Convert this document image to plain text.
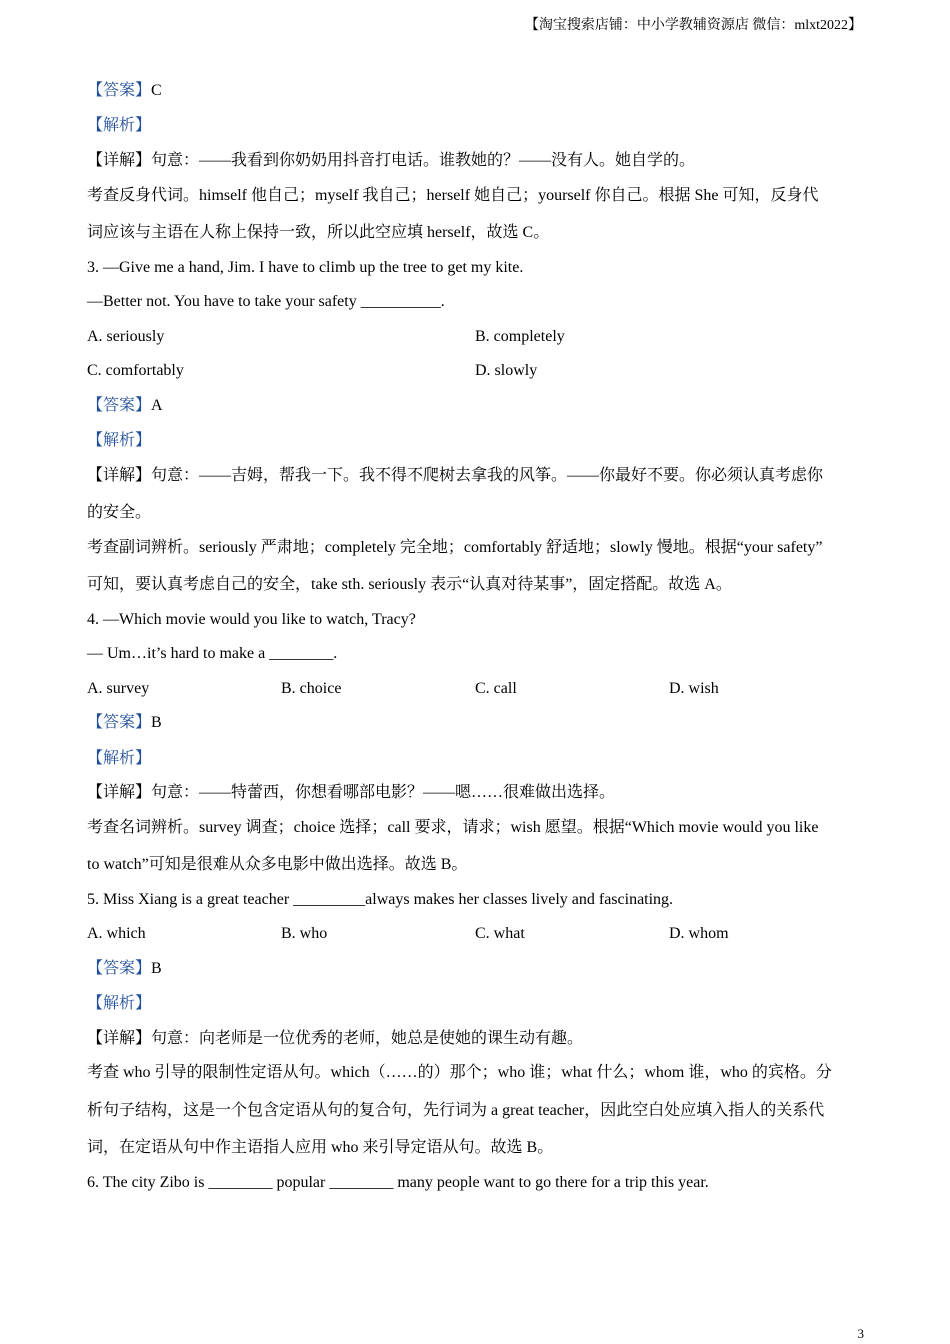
【淘宝搜索店铺：中小学教辅资源店 微信：mlxt2022】
【答案】C
【解析】
【详解】句意：——我看到你奶奶用抖音打电话。谁教她的？——没有人。她自学的。
考查反身代词。himself 他自己；myself 我自己；herself 她自己；yourself 你自己。根据 She 可知，反身代
词应该与主语在人称上保持一致，所以此空应填 herself，故选 C。
3. —Give me a hand, Jim. I have to climb up the tree to get my kite.
—Better not. You have to take your safety __________.
A. seriously	B. completely
C. comfortably	D. slowly
【答案】A
【解析】
【详解】句意：——吉姆，帮我一下。我不得不爬树去拿我的风筝。——你最好不要。你必须认真考虑你
的安全。
考查副词辨析。seriously 严肃地；completely 完全地；comfortably 舒适地；slowly 慢地。根据“your safety”
可知，要认真考虑自己的安全，take sth. seriously 表示“认真对待某事”，固定搭配。故选 A。
4. —Which movie would you like to watch, Tracy?
— Um…it’s hard to make a ________.
A. survey	B. choice	C. call	D. wish
【答案】B
【解析】
【详解】句意：——特蕾西，你想看哪部电影？——嗯……很难做出选择。
考查名词辨析。survey 调查；choice 选择；call 要求，请求；wish 愿望。根据“Which movie would you like
to watch”可知是很难从众多电影中做出选择。故选 B。
5. Miss Xiang is a great teacher _________always makes her classes lively and fascinating.
A. which	B. who	C. what	D. whom
【答案】B
【解析】
【详解】句意：向老师是一位优秀的老师，她总是使她的课生动有趣。
考查 who 引导的限制性定语从句。which（……的）那个；who 谁；what 什么；whom 谁，who 的宾格。分
析句子结构，这是一个包含定语从句的复合句，先行词为 a great teacher，因此空白处应填入指人的关系代
词，在定语从句中作主语指人应用 who 来引导定语从句。故选 B。
6. The city Zibo is ________ popular ________ many people want to go there for a trip this year.
3
